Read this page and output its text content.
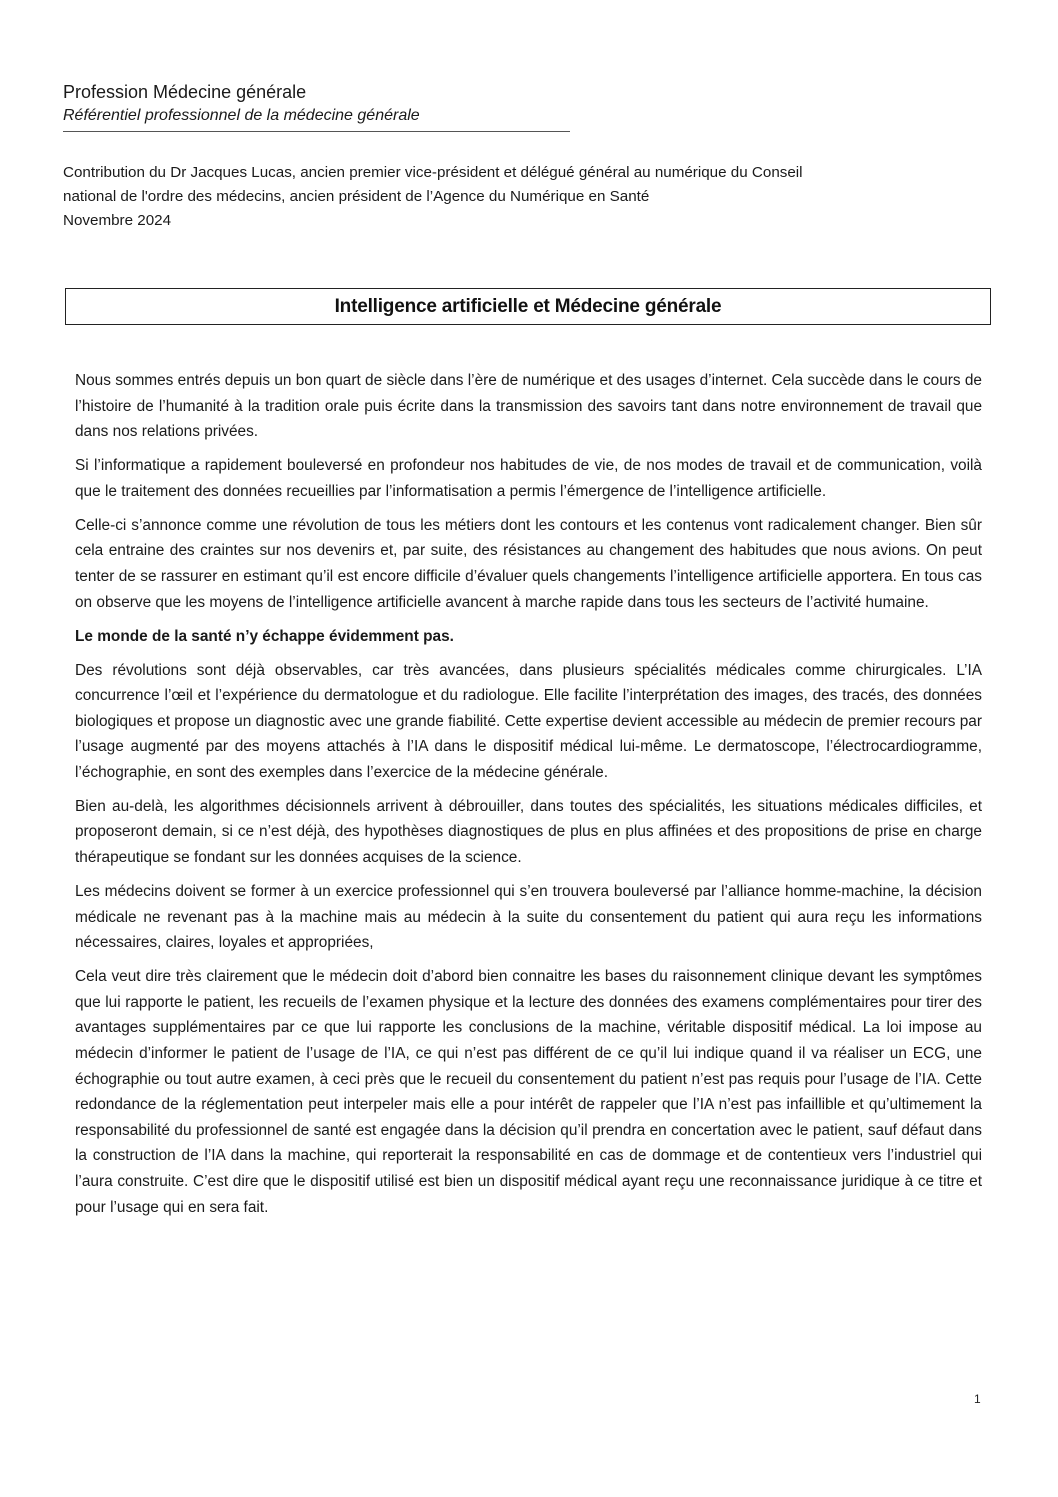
Profession Médecine générale
Référentiel professionnel de la médecine générale
Contribution du Dr Jacques Lucas, ancien premier vice-président et délégué général au numérique du Conseil
national de l'ordre des médecins, ancien président de l’Agence du Numérique en Santé
Novembre 2024
Intelligence artificielle et Médecine générale

Nous sommes entrés depuis un bon quart de siècle dans l’ère de numérique et des usages d’internet. Cela succède dans le cours de l’histoire de l’humanité à la tradition orale puis écrite dans la transmission des savoirs tant dans notre environnement de travail que dans nos relations privées.

Si l’informatique a rapidement bouleversé en profondeur nos habitudes de vie, de nos modes de travail et de communication, voilà que le traitement des données recueillies par l’informatisation a permis l’émergence de l’intelligence artificielle.

Celle-ci s’annonce comme une révolution de tous les métiers dont les contours et les contenus vont radicalement changer. Bien sûr cela entraine des craintes sur nos devenirs et, par suite, des résistances au changement des habitudes que nous avions. On peut tenter de se rassurer en estimant qu’il est encore difficile d’évaluer quels changements l’intelligence artificielle apportera. En tous cas on observe que les moyens de l’intelligence artificielle avancent à marche rapide dans tous les secteurs de l’activité humaine.

Le monde de la santé n’y échappe évidemment pas.

Des révolutions sont déjà observables, car très avancées, dans plusieurs spécialités médicales comme chirurgicales. L’IA concurrence l’œil et l’expérience du dermatologue et du radiologue. Elle facilite l’interprétation des images, des tracés, des données biologiques et propose un diagnostic avec une grande fiabilité. Cette expertise devient accessible au médecin de premier recours par l’usage augmenté par des moyens attachés à l’IA dans le dispositif médical lui-même. Le dermatoscope, l’électrocardiogramme, l’échographie, en sont des exemples dans l’exercice de la médecine générale.

Bien au-delà, les algorithmes décisionnels arrivent à débrouiller, dans toutes des spécialités, les situations médicales difficiles, et proposeront demain, si ce n’est déjà, des hypothèses diagnostiques de plus en plus affinées et des propositions de prise en charge thérapeutique se fondant sur les données acquises de la science.

Les médecins doivent se former à un exercice professionnel qui s’en trouvera bouleversé par l’alliance homme-machine, la décision médicale ne revenant pas à la machine mais au médecin à la suite du consentement du patient qui aura reçu les informations nécessaires, claires, loyales et appropriées,

Cela veut dire très clairement que le médecin doit d’abord bien connaitre les bases du raisonnement clinique devant les symptômes que lui rapporte le patient, les recueils de l’examen physique et la lecture des données des examens complémentaires pour tirer des avantages supplémentaires par ce que lui rapporte les conclusions de la machine, véritable dispositif médical. La loi impose au médecin d’informer le patient de l’usage de l’IA, ce qui n’est pas différent de ce qu’il lui indique quand il va réaliser un ECG, une échographie ou tout autre examen, à ceci près que le recueil du consentement du patient n’est pas requis pour l’usage de l’IA. Cette redondance de la réglementation peut interpeler mais elle a pour intérêt de rappeler que l’IA n’est pas infaillible et qu’ultimement la responsabilité du professionnel de santé est engagée dans la décision qu’il prendra en concertation avec le patient, sauf défaut dans la construction de l’IA dans la machine, qui reporterait la responsabilité en cas de dommage et de contentieux vers l’industriel qui l’aura construite. C’est dire que le dispositif utilisé est bien un dispositif médical ayant reçu une reconnaissance juridique à ce titre et pour l’usage qui en sera fait.

1
